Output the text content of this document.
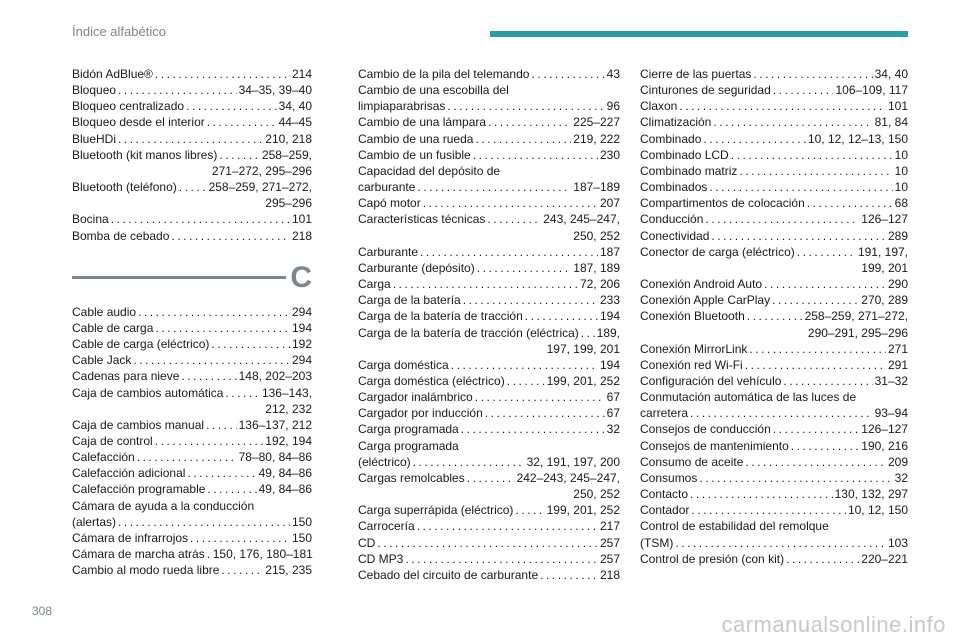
Índice alfabético
Bidón AdBlue® . . .	214
Bloqueo . . .	34–35, 39–40
Bloqueo centralizado . . .	34, 40
Bloqueo desde el interior . . .	44–45
BlueHDi . . .	210, 218
Bluetooth (kit manos libres) . . .	258–259,
271–272, 295–296
Bluetooth (teléfono) . . .	258–259, 271–272,
295–296
Bocina . . .	101
Bomba de cebado . . .	218
C
Cable audio . . .	294
Cable de carga . . .	194
Cable de carga (eléctrico) . . .	192
Cable Jack . . .	294
Cadenas para nieve . . .	148, 202–203
Caja de cambios automática . . .	136–143,
212, 232
Caja de cambios manual . . .	136–137, 212
Caja de control . . .	192, 194
Calefacción . . .	78–80, 84–86
Calefacción adicional . . .	49, 84–86
Calefacción programable . . .	49, 84–86
Cámara de ayuda a la conducción
(alertas) . . .	150
Cámara de infrarrojos . . .	150
Cámara de marcha atrás . . . 150, 176, 180–181
Cambio al modo rueda libre . . .	215, 235
Cambio de la pila del telemando . . .	43
Cambio de una escobilla del
limpiaparabrisas . . .	96
Cambio de una lámpara . . .	225–227
Cambio de una rueda . . .	219, 222
Cambio de un fusible . . .	230
Capacidad del depósito de
carburante . . .	187–189
Capó motor . . .	207
Características técnicas . . .	243, 245–247,
250, 252
Carburante . . .	187
Carburante (depósito) . . .	187, 189
Carga . . .	72, 206
Carga de la batería . . .	233
Carga de la batería de tracción . . .	194
Carga de la batería de tracción (eléctrica) . . . 189,
197, 199, 201
Carga doméstica . . .	194
Carga doméstica (eléctrico) . . .	199, 201, 252
Cargador inalámbrico . . .	67
Cargador por inducción . . .	67
Carga programada . . .	32
Carga programada
(eléctrico) . . .	32, 191, 197, 200
Cargas remolcables . . .	242–243, 245–247,
250, 252
Carga superrápida (eléctrico) . . .	199, 201, 252
Carrocería . . .	217
CD . . .	257
CD MP3 . . .	257
Cebado del circuito de carburante . . .	218
Cierre de las puertas . . .	34, 40
Cinturones de seguridad . . .	106–109, 117
Claxon . . .	101
Climatización . . .	81, 84
Combinado . . .	10, 12, 12–13, 150
Combinado LCD . . .	10
Combinado matriz . . .	10
Combinados . . .	10
Compartimentos de colocación . . .	68
Conducción . . .	126–127
Conectividad . . .	289
Conector de carga (eléctrico) . . .	191, 197,
199, 201
Conexión Android Auto . . .	290
Conexión Apple CarPlay . . .	270, 289
Conexión Bluetooth . . .	258–259, 271–272,
290–291, 295–296
Conexión MirrorLink . . .	271
Conexión red Wi-Fi . . .	291
Configuración del vehículo . . .	31–32
Conmutación automática de las luces de
carretera . . .	93–94
Consejos de conducción . . .	126–127
Consejos de mantenimiento . . .	190, 216
Consumo de aceite . . .	209
Consumos . . .	32
Contacto . . .	130, 132, 297
Contador . . .	10, 12, 150
Control de estabilidad del remolque
(TSM) . . .	103
Control de presión (con kit) . . .	220–221
308
carmanualsonline.info
